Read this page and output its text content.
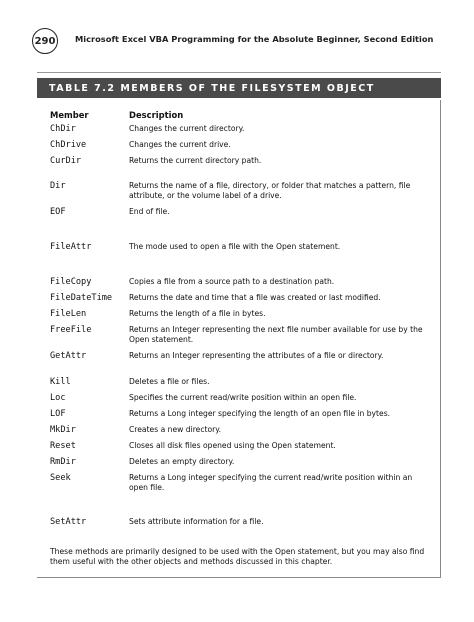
290	Microsoft Excel VBA Programming for the Absolute Beginner, Second Edition
TABLE 7.2 MEMBERS OF THE FILESYSTEM OBJECT
Member	Description
ChDir	Changes the current directory.
ChDrive	Changes the current drive.
CurDir	Returns the current directory path.
Dir	Returns the name of a file, directory, or folder that matches a pattern, file attribute, or the volume label of a drive.
EOF	End of file.
FileAttr	The mode used to open a file with the Open statement.
FileCopy	Copies a file from a source path to a destination path.
FileDateTime Returns the date and time that a file was created or last modified.
FileLen	Returns the length of a file in bytes.
FreeFile	Returns an Integer representing the next file number available for use by the Open statement.
GetAttr	Returns an Integer representing the attributes of a file or directory.
Kill	Deletes a file or files.
Loc	Specifies the current read/write position within an open file.
LOF	Returns a Long integer specifying the length of an open file in bytes.
MkDir	Creates a new directory.
Reset	Closes all disk files opened using the Open statement.
RmDir	Deletes an empty directory.
Seek	Returns a Long integer specifying the current read/write position within an open file.
SetAttr	Sets attribute information for a file.
These methods are primarily designed to be used with the Open statement, but you may also find them useful with the other objects and methods discussed in this chapter.
